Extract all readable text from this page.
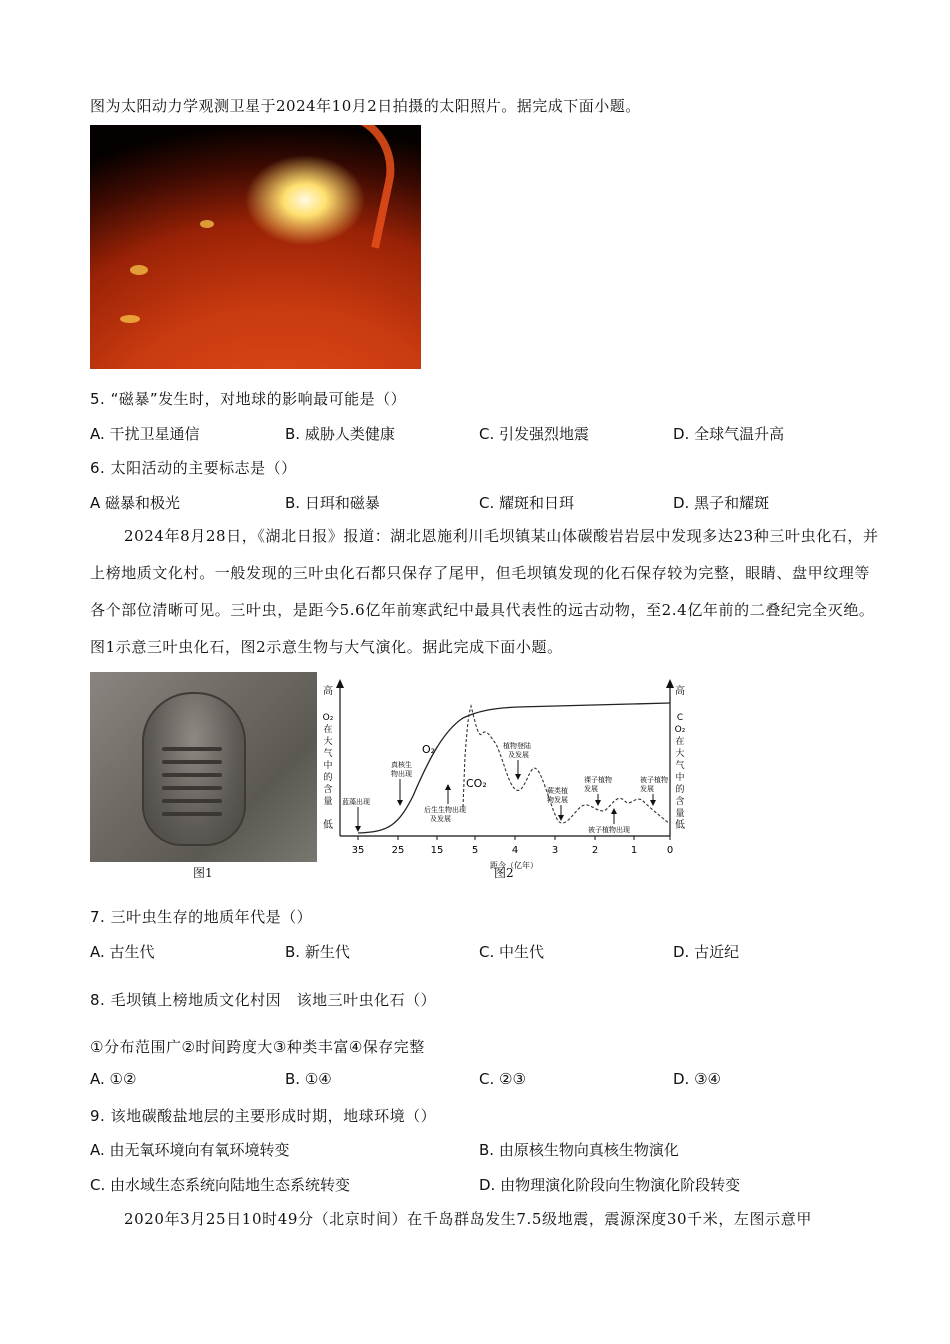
图为太阳动力学观测卫星于2024年10月2日拍摄的太阳照片。据完成下面小题。
5. “磁暴”发生时，对地球的影响最可能是（）
A. 干扰卫星通信	B. 威胁人类健康	C. 引发强烈地震	D. 全球气温升高
6. 太阳活动的主要标志是（）
A 磁暴和极光	B. 日珥和磁暴	C. 耀斑和日珥	D. 黑子和耀斑
2024年8月28日，《湖北日报》报道：湖北恩施利川毛坝镇某山体碳酸岩岩层中发现多达23种三叶虫化石，并上榜地质文化村。一般发现的三叶虫化石都只保存了尾甲，但毛坝镇发现的化石保存较为完整，眼睛、盘甲纹理等各个部位清晰可见。三叶虫，是距今5.6亿年前寒武纪中最具代表性的远古动物，至2.4亿年前的二叠纪完全灭绝。图1示意三叶虫化石，图2示意生物与大气演化。据此完成下面小题。
图1
35	25	15	5	4	3	2	1	0
距今（亿年）
高
低
高
低
O₂
在
大
气
中
的
含
量
C
O₂
在
大
气
中
的
含
量
O₂
CO₂
蓝藻出现
真核生
物出现
后生生物出现
及发展
植物登陆
及发展
蕨类植
物发展
裸子植物
发展
被子植物
发展
被子植物出现
图2
7. 三叶虫生存的地质年代是（）
A. 古生代	B. 新生代	C. 中生代	D. 古近纪
8. 毛坝镇上榜地质文化村因　该地三叶虫化石（）
①分布范围广②时间跨度大③种类丰富④保存完整
A. ①②	B. ①④	C. ②③	D. ③④
9. 该地碳酸盐地层的主要形成时期，地球环境（）
A. 由无氧环境向有氧环境转变	B. 由原核生物向真核生物演化
C. 由水域生态系统向陆地生态系统转变	D. 由物理演化阶段向生物演化阶段转变
2020年3月25日10时49分（北京时间）在千岛群岛发生7.5级地震，震源深度30千米，左图示意甲
